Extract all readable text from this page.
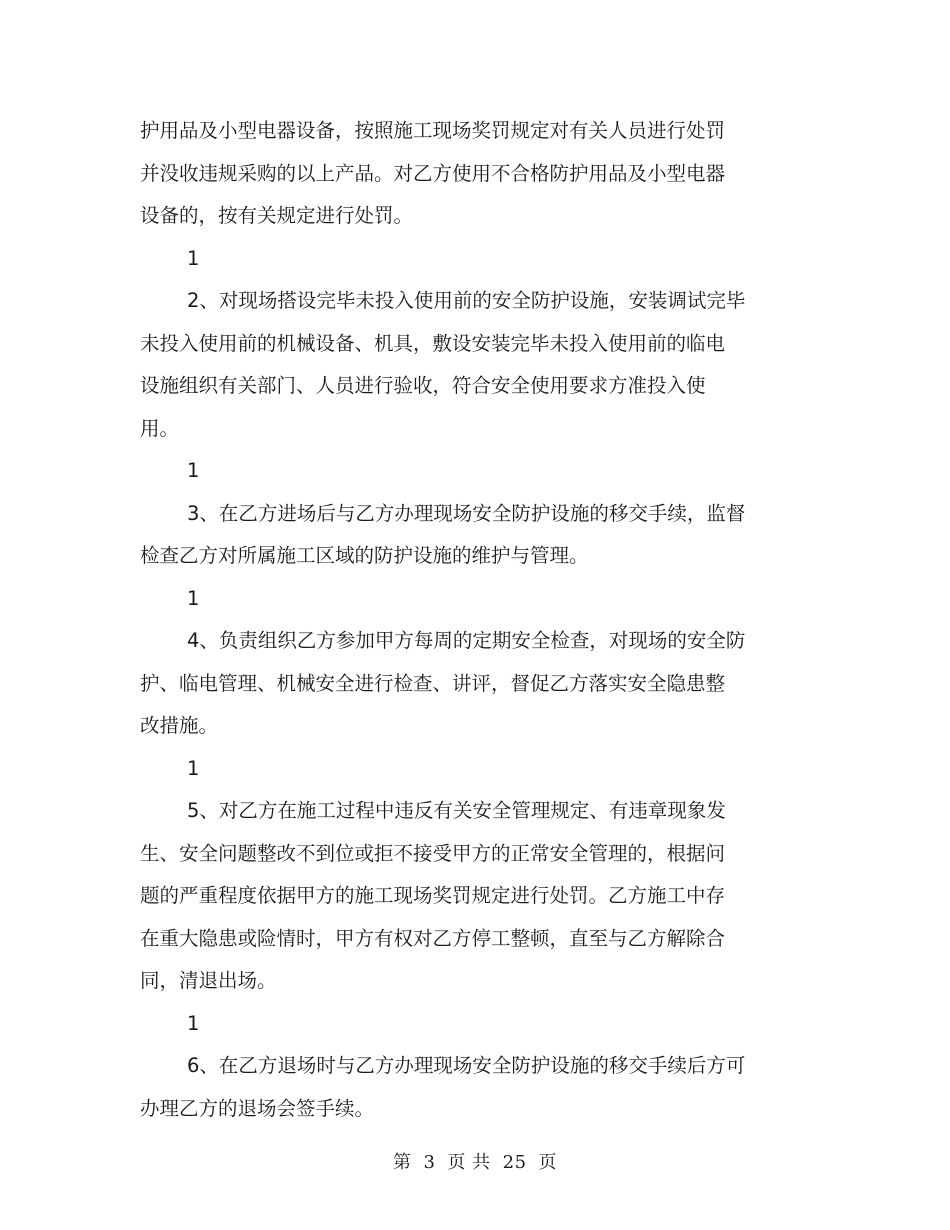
护用品及小型电器设备，按照施工现场奖罚规定对有关人员进行处罚
并没收违规采购的以上产品。对乙方使用不合格防护用品及小型电器
设备的，按有关规定进行处罚。
1
2、对现场搭设完毕未投入使用前的安全防护设施，安装调试完毕
未投入使用前的机械设备、机具，敷设安装完毕未投入使用前的临电
设施组织有关部门、人员进行验收，符合安全使用要求方准投入使
用。
1
3、在乙方进场后与乙方办理现场安全防护设施的移交手续，监督
检查乙方对所属施工区域的防护设施的维护与管理。
1
4、负责组织乙方参加甲方每周的定期安全检查，对现场的安全防
护、临电管理、机械安全进行检查、讲评，督促乙方落实安全隐患整
改措施。
1
5、对乙方在施工过程中违反有关安全管理规定、有违章现象发
生、安全问题整改不到位或拒不接受甲方的正常安全管理的，根据问
题的严重程度依据甲方的施工现场奖罚规定进行处罚。乙方施工中存
在重大隐患或险情时，甲方有权对乙方停工整顿，直至与乙方解除合
同，清退出场。
1
6、在乙方退场时与乙方办理现场安全防护设施的移交手续后方可
办理乙方的退场会签手续。
第 3 页 共 25 页
